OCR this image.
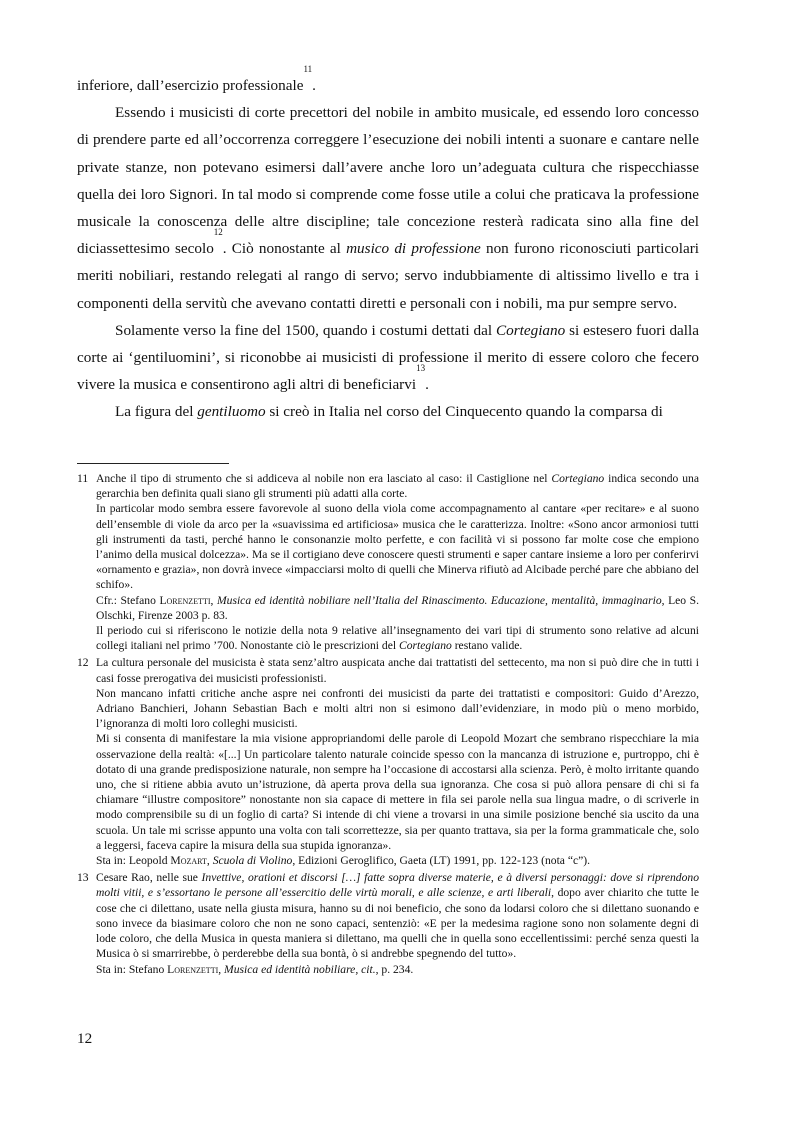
inferiore, dall’esercizio professionale$^{11}$.

Essendo i musicisti di corte precettori del nobile in ambito musicale, ed essendo loro concesso di prendere parte ed all’occorrenza correggere l’esecuzione dei nobili intenti a suonare e cantare nelle private stanze, non potevano esimersi dall’avere anche loro un’adeguata cultura che rispecchiasse quella dei loro Signori. In tal modo si comprende come fosse utile a colui che praticava la professione musicale la conoscenza delle altre discipline; tale concezione resterà radicata sino alla fine del diciassettesimo secolo$^{12}$. Ciò nonostante al musico di professione non furono riconosciuti particolari meriti nobiliari, restando relegati al rango di servo; servo indubbiamente di altissimo livello e tra i componenti della servitù che avevano contatti diretti e personali con i nobili, ma pur sempre servo.

Solamente verso la fine del 1500, quando i costumi dettati dal Cortegiano si estesero fuori dalla corte ai ‘gentiluomini’, si riconobbe ai musicisti di professione il merito di essere coloro che fecero vivere la musica e consentirono agli altri di beneficiarvi$^{13}$.

La figura del gentiluomo si creò in Italia nel corso del Cinquecento quando la comparsa di

11 Anche il tipo di strumento che si addiceva al nobile non era lasciato al caso: il Castiglione nel Cortegiano indica secondo una gerarchia ben definita quali siano gli strumenti più adatti alla corte.

In particolar modo sembra essere favorevole al suono della viola come accompagnamento al cantare «per recitare» e al suono dell’ensemble di viole da arco per la «suavissima ed artificiosa» musica che le caratterizza. Inoltre: «Sono ancor armoniosi tutti gli instrumenti da tasti, perché hanno le consonanzie molto perfette, e con facilità vi si possono far molte cose che empiono l’animo della musical dolcezza». Ma se il cortigiano deve conoscere questi strumenti e saper cantare insieme a loro per conferirvi «ornamento e grazia», non dovrà invece «impacciarsi molto di quelli che Minerva rifiutò ad Alcibade perché pare che abbiano del schifo».

Cfr.: Stefano Lorenzetti, Musica ed identità nobiliare nell’Italia del Rinascimento. Educazione, mentalità, immaginario, Leo S. Olschki, Firenze 2003 p. 83.

Il periodo cui si riferiscono le notizie della nota 9 relative all’insegnamento dei vari tipi di strumento sono relative ad alcuni collegi italiani nel primo ’700. Nonostante ciò le prescrizioni del Cortegiano restano valide.

12 La cultura personale del musicista è stata senz’altro auspicata anche dai trattatisti del settecento, ma non si può dire che in tutti i casi fosse prerogativa dei musicisti professionisti.

Non mancano infatti critiche anche aspre nei confronti dei musicisti da parte dei trattatisti e compositori: Guido d’Arezzo, Adriano Banchieri, Johann Sebastian Bach e molti altri non si esimono dall’evidenziare, in modo più o meno morbido, l’ignoranza di molti loro colleghi musicisti.

Mi si consenta di manifestare la mia visione appropriandomi delle parole di Leopold Mozart che sembrano rispecchiare la mia osservazione della realtà: «[...] Un particolare talento naturale coincide spesso con la mancanza di istruzione e, purtroppo, chi è dotato di una grande predisposizione naturale, non sempre ha l’occasione di accostarsi alla scienza. Però, è molto irritante quando uno, che si ritiene abbia avuto un’istruzione, dà aperta prova della sua ignoranza. Che cosa si può allora pensare di chi si fa chiamare “illustre compositore” nonostante non sia capace di mettere in fila sei parole nella sua lingua madre, o di scriverle in modo comprensibile su di un foglio di carta? Si intende di chi viene a trovarsi in una simile posizione benché sia uscito da una scuola. Un tale mi scrisse appunto una volta con tali scorrettezze, sia per quanto trattava, sia per la forma grammaticale che, solo a leggersi, faceva capire la misura della sua stupida ignoranza».

Sta in: Leopold Mozart, Scuola di Violino, Edizioni Geroglifico, Gaeta (LT) 1991, pp. 122-123 (nota “c”).

13 Cesare Rao, nelle sue Invettive, orationi et discorsi […] fatte sopra diverse materie, e à diversi personaggi: dove si riprendono molti vitii, e s’essortano le persone all’essercitio delle virtù morali, e alle scienze, e arti liberali, dopo aver chiarito che tutte le cose che ci dilettano, usate nella giusta misura, hanno su di noi beneficio, che sono da lodarsi coloro che si dilettano suonando e sono invece da biasimare coloro che non ne sono capaci, sentenziò: «E per la medesima ragione sono non solamente degni di lode coloro, che della Musica in questa maniera si dilettano, ma quelli che in quella sono eccellentissimi: perché senza questi la Musica ò si smarrirebbe, ò perderebbe della sua bontà, ò si andrebbe spegnendo del tutto».

Sta in: Stefano Lorenzetti, Musica ed identità nobiliare, cit., p. 234.

12
